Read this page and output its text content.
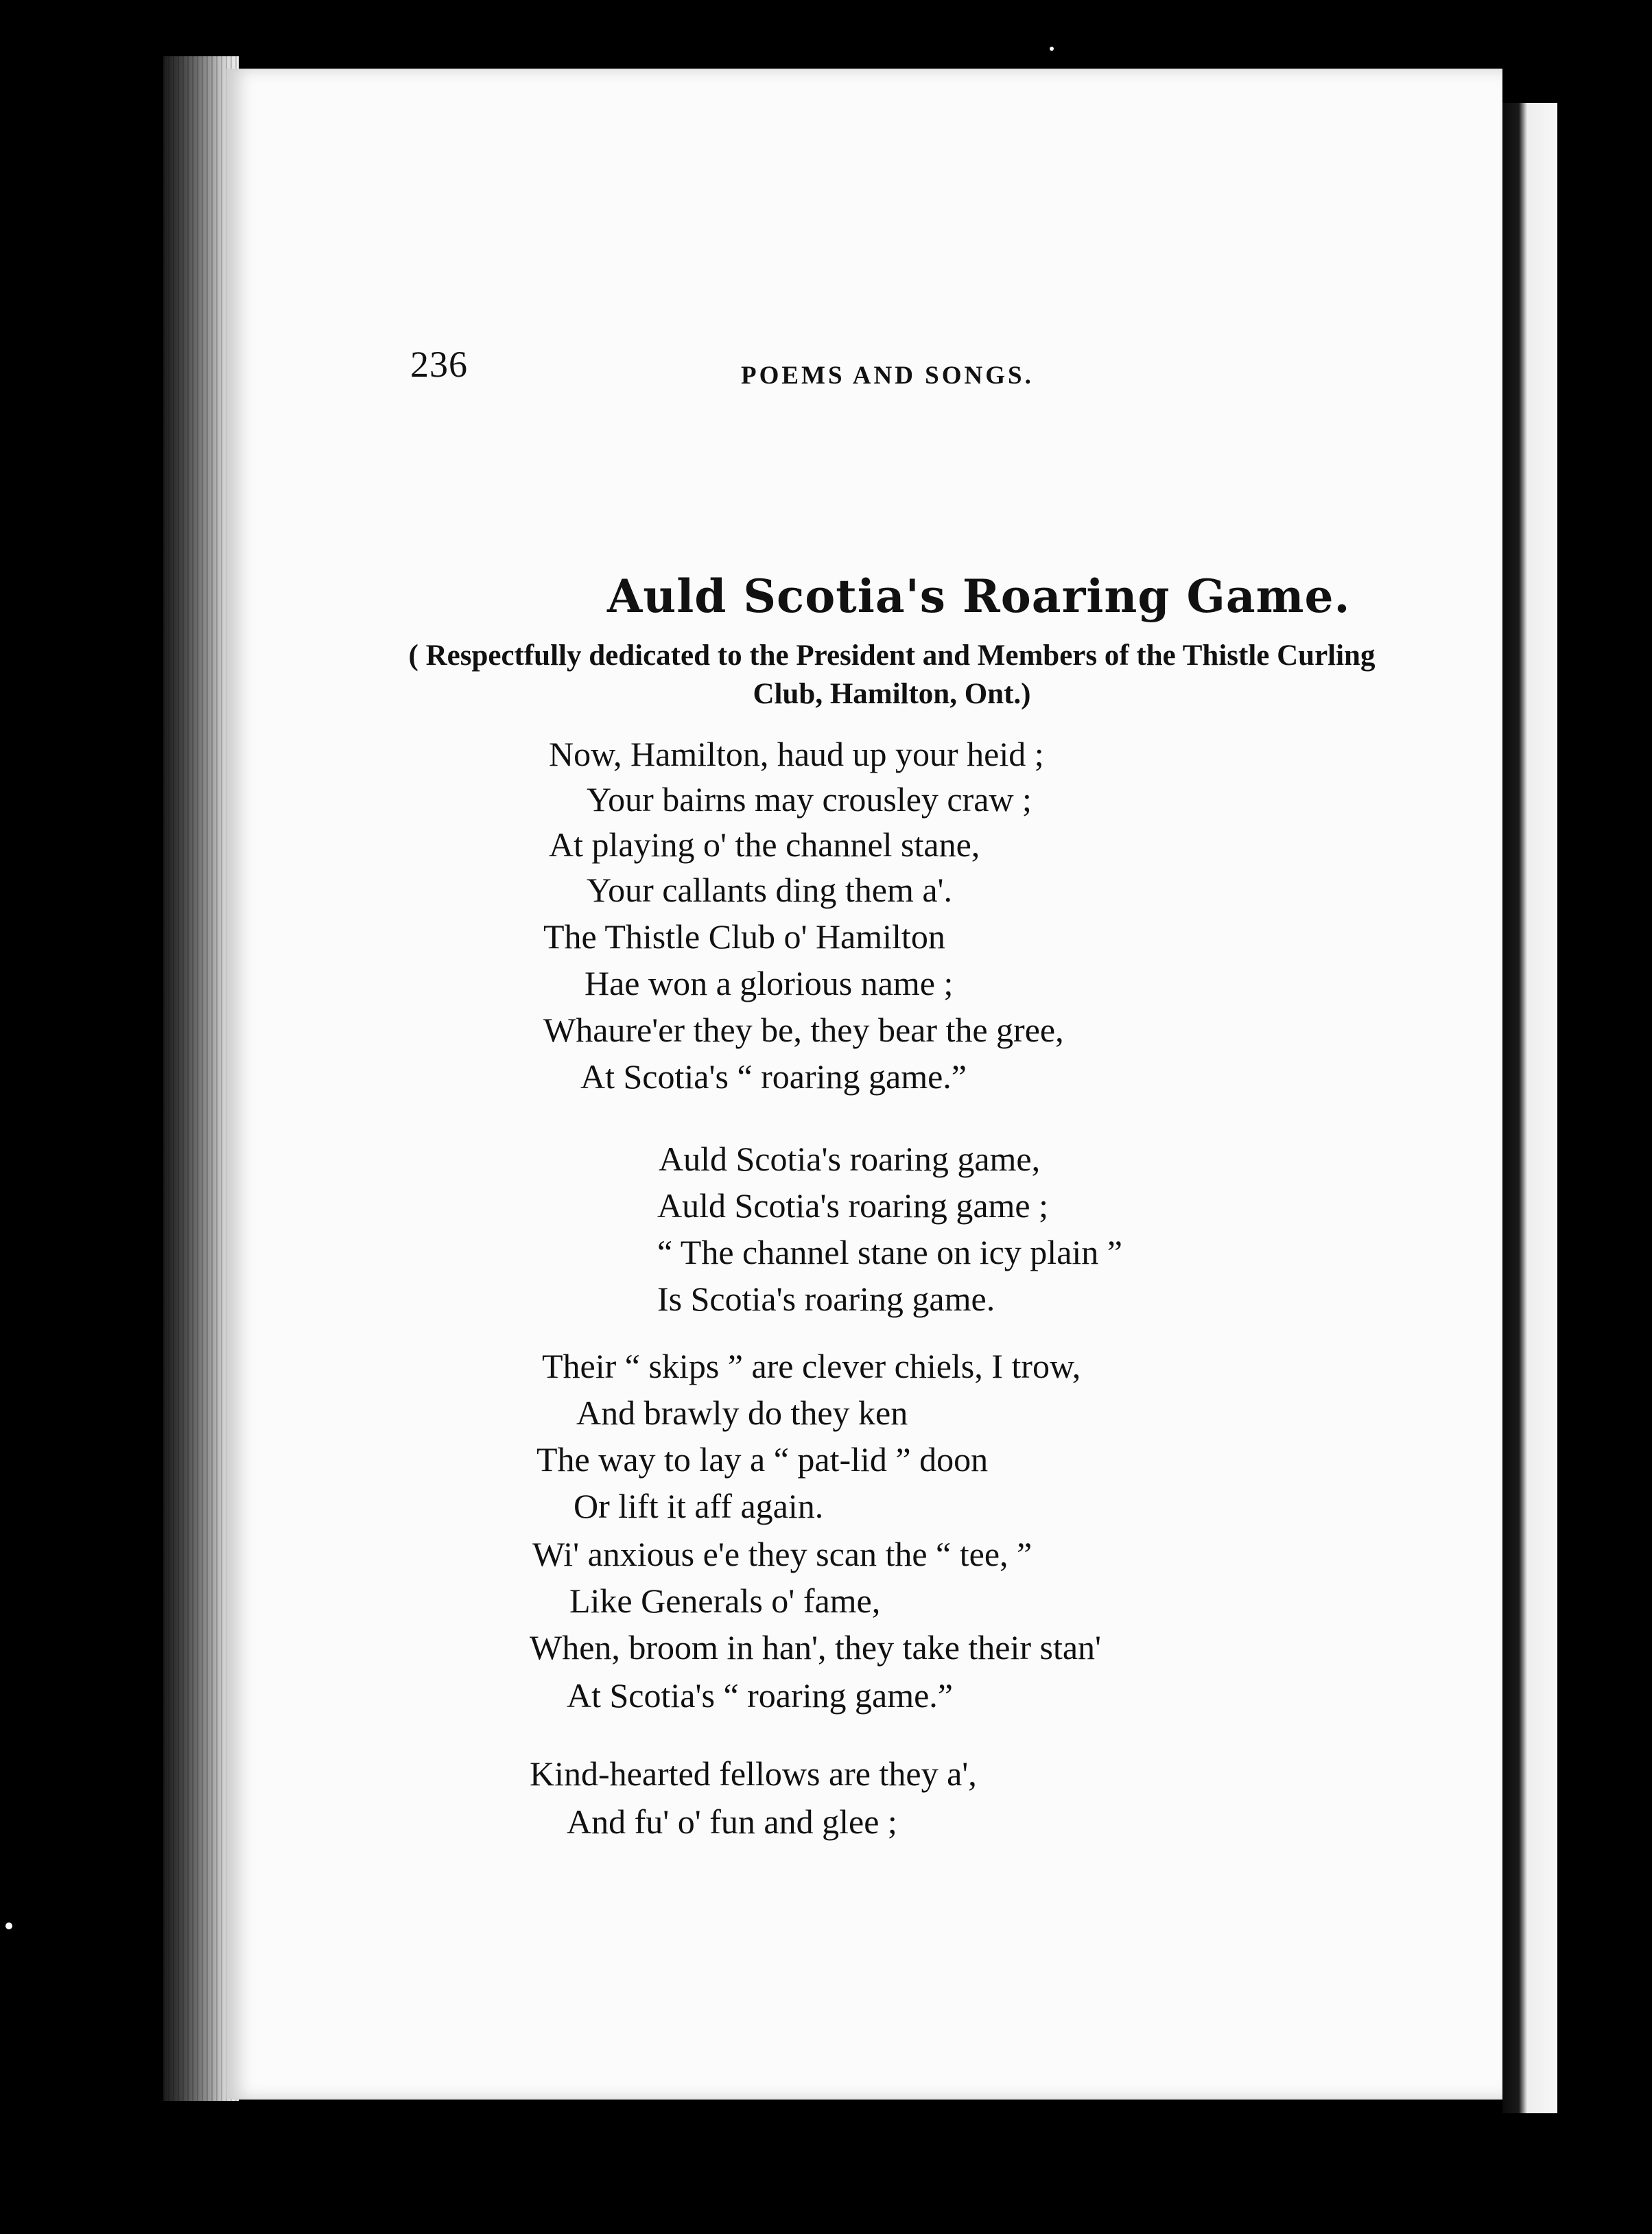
236	POEMS AND SONGS.
Auld Scotia's Roaring Game.
( Respectfully dedicated to the President and Members of the Thistle Curling Club, Hamilton, Ont.)
Now, Hamilton, haud up your heid ;
Your bairns may crousley craw ;
At playing o' the channel stane,
Your callants ding them a'.
The Thistle Club o' Hamilton
Hae won a glorious name ;
Whaure'er they be, they bear the gree,
At Scotia's “ roaring game.”
Auld Scotia's roaring game,
Auld Scotia's roaring game ;
“ The channel stane on icy plain ”
Is Scotia's roaring game.
Their “ skips ” are clever chiels, I trow,
And brawly do they ken
The way to lay a “ pat-lid ” doon
Or lift it aff again.
Wi' anxious e'e they scan the “ tee, ”
Like Generals o' fame,
When, broom in han', they take their stan'
At Scotia's “ roaring game.”
Kind-hearted fellows are they a',
And fu' o' fun and glee ;
